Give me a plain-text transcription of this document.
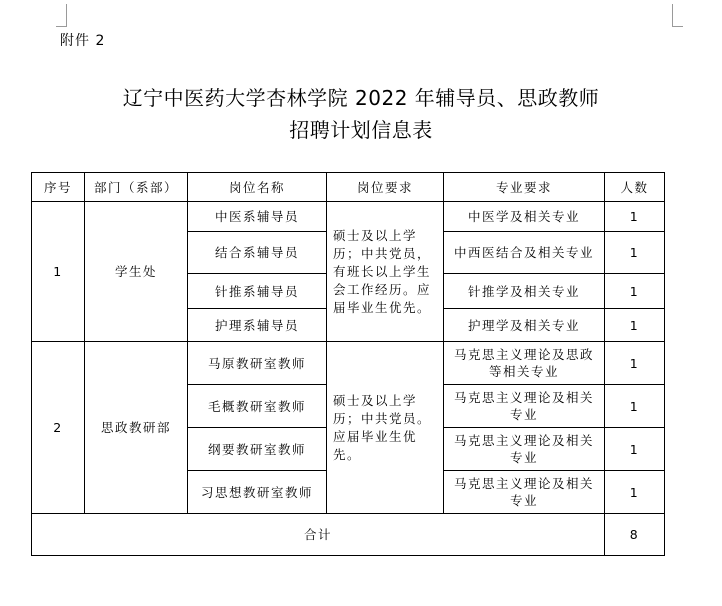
附件 2
辽宁中医药大学杏林学院 2022 年辅导员、思政教师
招聘计划信息表
序号	部门（系部）	岗位名称	岗位要求	专业要求	人数
1	学生处	中医系辅导员	硕士及以上学历；中共党员，有班长以上学生会工作经历。应届毕业生优先。	中医学及相关专业	1
		结合系辅导员		中西医结合及相关专业	1
		针推系辅导员		针推学及相关专业	1
		护理系辅导员		护理学及相关专业	1
2	思政教研部	马原教研室教师	硕士及以上学历；中共党员。应届毕业生优先。	马克思主义理论及思政等相关专业	1
		毛概教研室教师		马克思主义理论及相关专业	1
		纲要教研室教师		马克思主义理论及相关专业	1
		习思想教研室教师		马克思主义理论及相关专业	1
合计					8
